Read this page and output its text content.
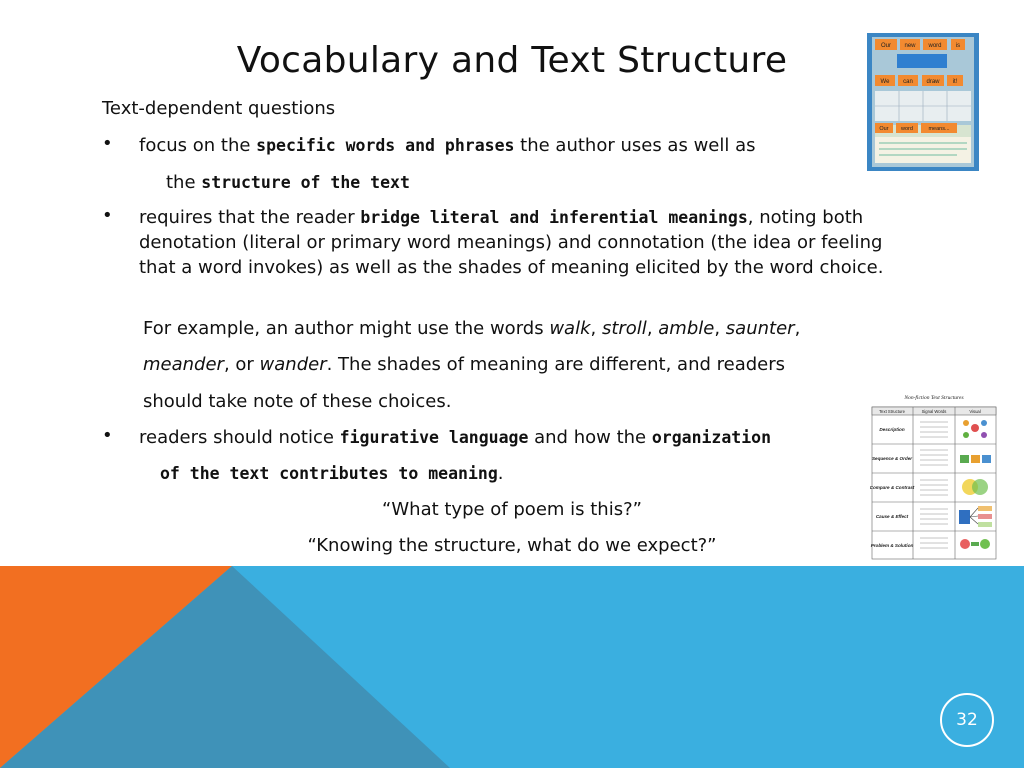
Vocabulary and Text Structure
Text-dependent questions
• focus on the specific words and phrases the author uses as well as
the structure of the text
• requires that the reader bridge literal and inferential meanings, noting both denotation (literal or primary word meanings) and connotation (the idea or feeling that a word invokes) as well as the shades of meaning elicited by the word choice.
For example, an author might use the words walk, stroll, amble, saunter,
meander, or wander. The shades of meaning are different, and readers
should take note of these choices.
• readers should notice figurative language and how the organization
of the text contributes to meaning.
“What type of poem is this?”
“Knowing the structure, what do we expect?”
Our new word is
We can draw it!
Our word	means...
Non-fiction Text Structures
Text Structure	Signal Words	Visual
Description
Sequence & Order
Compare & Contrast
Cause & Effect
Problem & Solution
32
